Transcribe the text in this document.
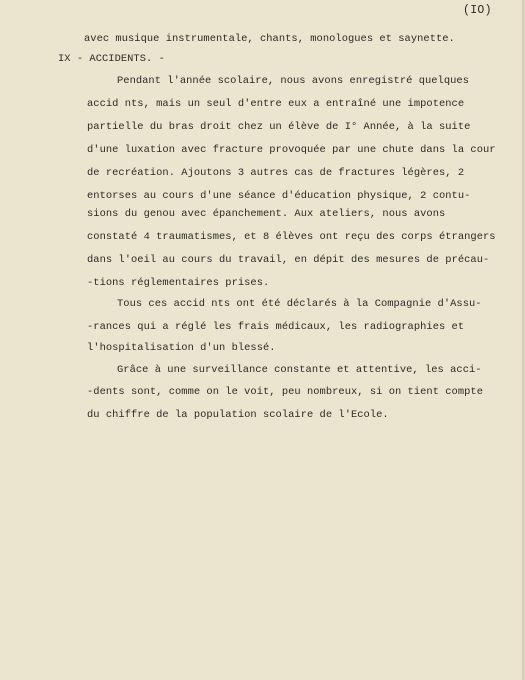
(IO)
avec musique instrumentale, chants, monologues et saynette.
IX - ACCIDENTS. -
Pendant l'année scolaire, nous avons enregistré quelques
accid nts, mais un seul d'entre eux a entraîné une impotence
partielle du bras droit chez un élève de I° Année, à la suite
d'une luxation avec fracture provoquée par une chute dans la cour
de recréation. Ajoutons 3 autres cas de fractures légères, 2
entorses au cours d'une séance d'éducation physique, 2 contu-
sions du genou avec épanchement. Aux ateliers, nous avons
constaté 4 traumatismes, et 8 élèves ont reçu des corps étrangers
dans l'oeil au cours du travail, en dépit des mesures de précau-
-tions réglementaires prises.
Tous ces accid nts ont été déclarés à la Compagnie d'Assu-
-rances qui a réglé les frais médicaux, les radiographies et
l'hospitalisation d'un blessé.
Grâce à une surveillance constante et attentive, les acci-
-dents sont, comme on le voit, peu nombreux, si on tient compte
du chiffre de la population scolaire de l'Ecole.
